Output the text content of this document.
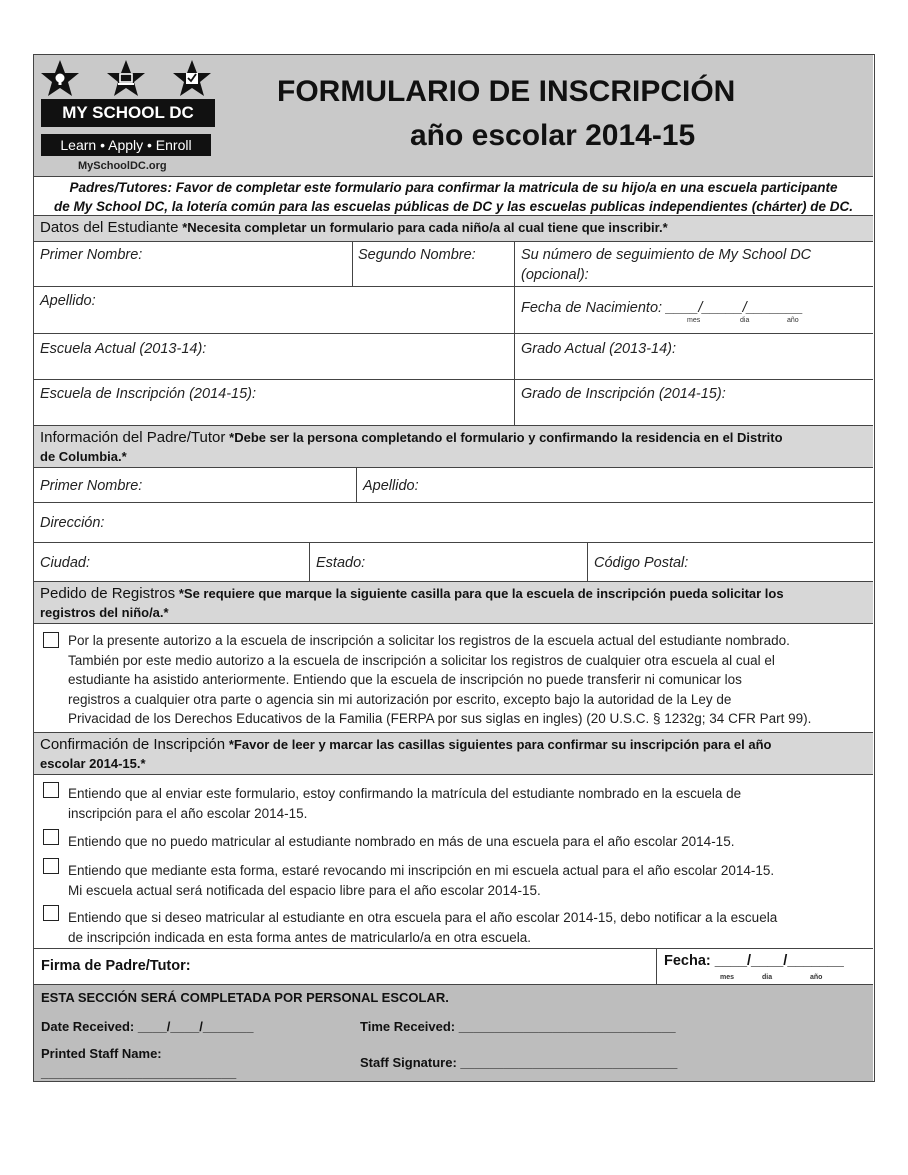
MY SCHOOL DC
Learn • Apply • Enroll
MySchoolDC.org
FORMULARIO DE INSCRIPCIÓN
año escolar 2014-15
Padres/Tutores: Favor de completar este formulario para confirmar la matricula de su hijo/a en una escuela participante
de My School DC, la lotería común para las escuelas públicas de DC y las escuelas publicas independientes (chárter) de DC.
Datos del Estudiante *Necesita completar un formulario para cada niño/a al cual tiene que inscribir.*
Primer Nombre:	Segundo Nombre:	Su número de seguimiento de My School DC
(opcional):
Apellido:	Fecha de Nacimiento: ____/_____/_______
mes	dia	año
Escuela Actual (2013-14):	Grado Actual (2013-14):
Escuela de Inscripción (2014-15):	Grado de Inscripción (2014-15):
Información del Padre/Tutor *Debe ser la persona completando el formulario y confirmando la residencia en el Distrito
de Columbia.*
Primer Nombre:	Apellido:
Dirección:
Ciudad:	Estado:	Código Postal:
Pedido de Registros *Se requiere que marque la siguiente casilla para que la escuela de inscripción pueda solicitar los
registros del niño/a.*
Por la presente autorizo a la escuela de inscripción a solicitar los registros de la escuela actual del estudiante nombrado.
También por este medio autorizo a la escuela de inscripción a solicitar los registros de cualquier otra escuela al cual el
estudiante ha asistido anteriormente. Entiendo que la escuela de inscripción no puede transferir ni comunicar los
registros a cualquier otra parte o agencia sin mi autorización por escrito, excepto bajo la autoridad de la Ley de
Privacidad de los Derechos Educativos de la Familia (FERPA por sus siglas en ingles) (20 U.S.C. § 1232g; 34 CFR Part 99).
Confirmación de Inscripción *Favor de leer y marcar las casillas siguientes para confirmar su inscripción para el año
escolar 2014-15.*
Entiendo que al enviar este formulario, estoy confirmando la matrícula del estudiante nombrado en la escuela de
inscripción para el año escolar 2014-15.
Entiendo que no puedo matricular al estudiante nombrado en más de una escuela para el año escolar 2014-15.
Entiendo que mediante esta forma, estaré revocando mi inscripción en mi escuela actual para el año escolar 2014-15.
Mi escuela actual será notificada del espacio libre para el año escolar 2014-15.
Entiendo que si deseo matricular al estudiante en otra escuela para el año escolar 2014-15, debo notificar a la escuela
de inscripción indicada en esta forma antes de matricularlo/a en otra escuela.
Firma de Padre/Tutor:	Fecha: ____/____/_______
mes	dia	año
ESTA SECCIÓN SERÁ COMPLETADA POR PERSONAL ESCOLAR.
Date Received: ____/____/_______	Time Received: ______________________________
Printed Staff Name:
___________________________
Staff Signature: ______________________________
